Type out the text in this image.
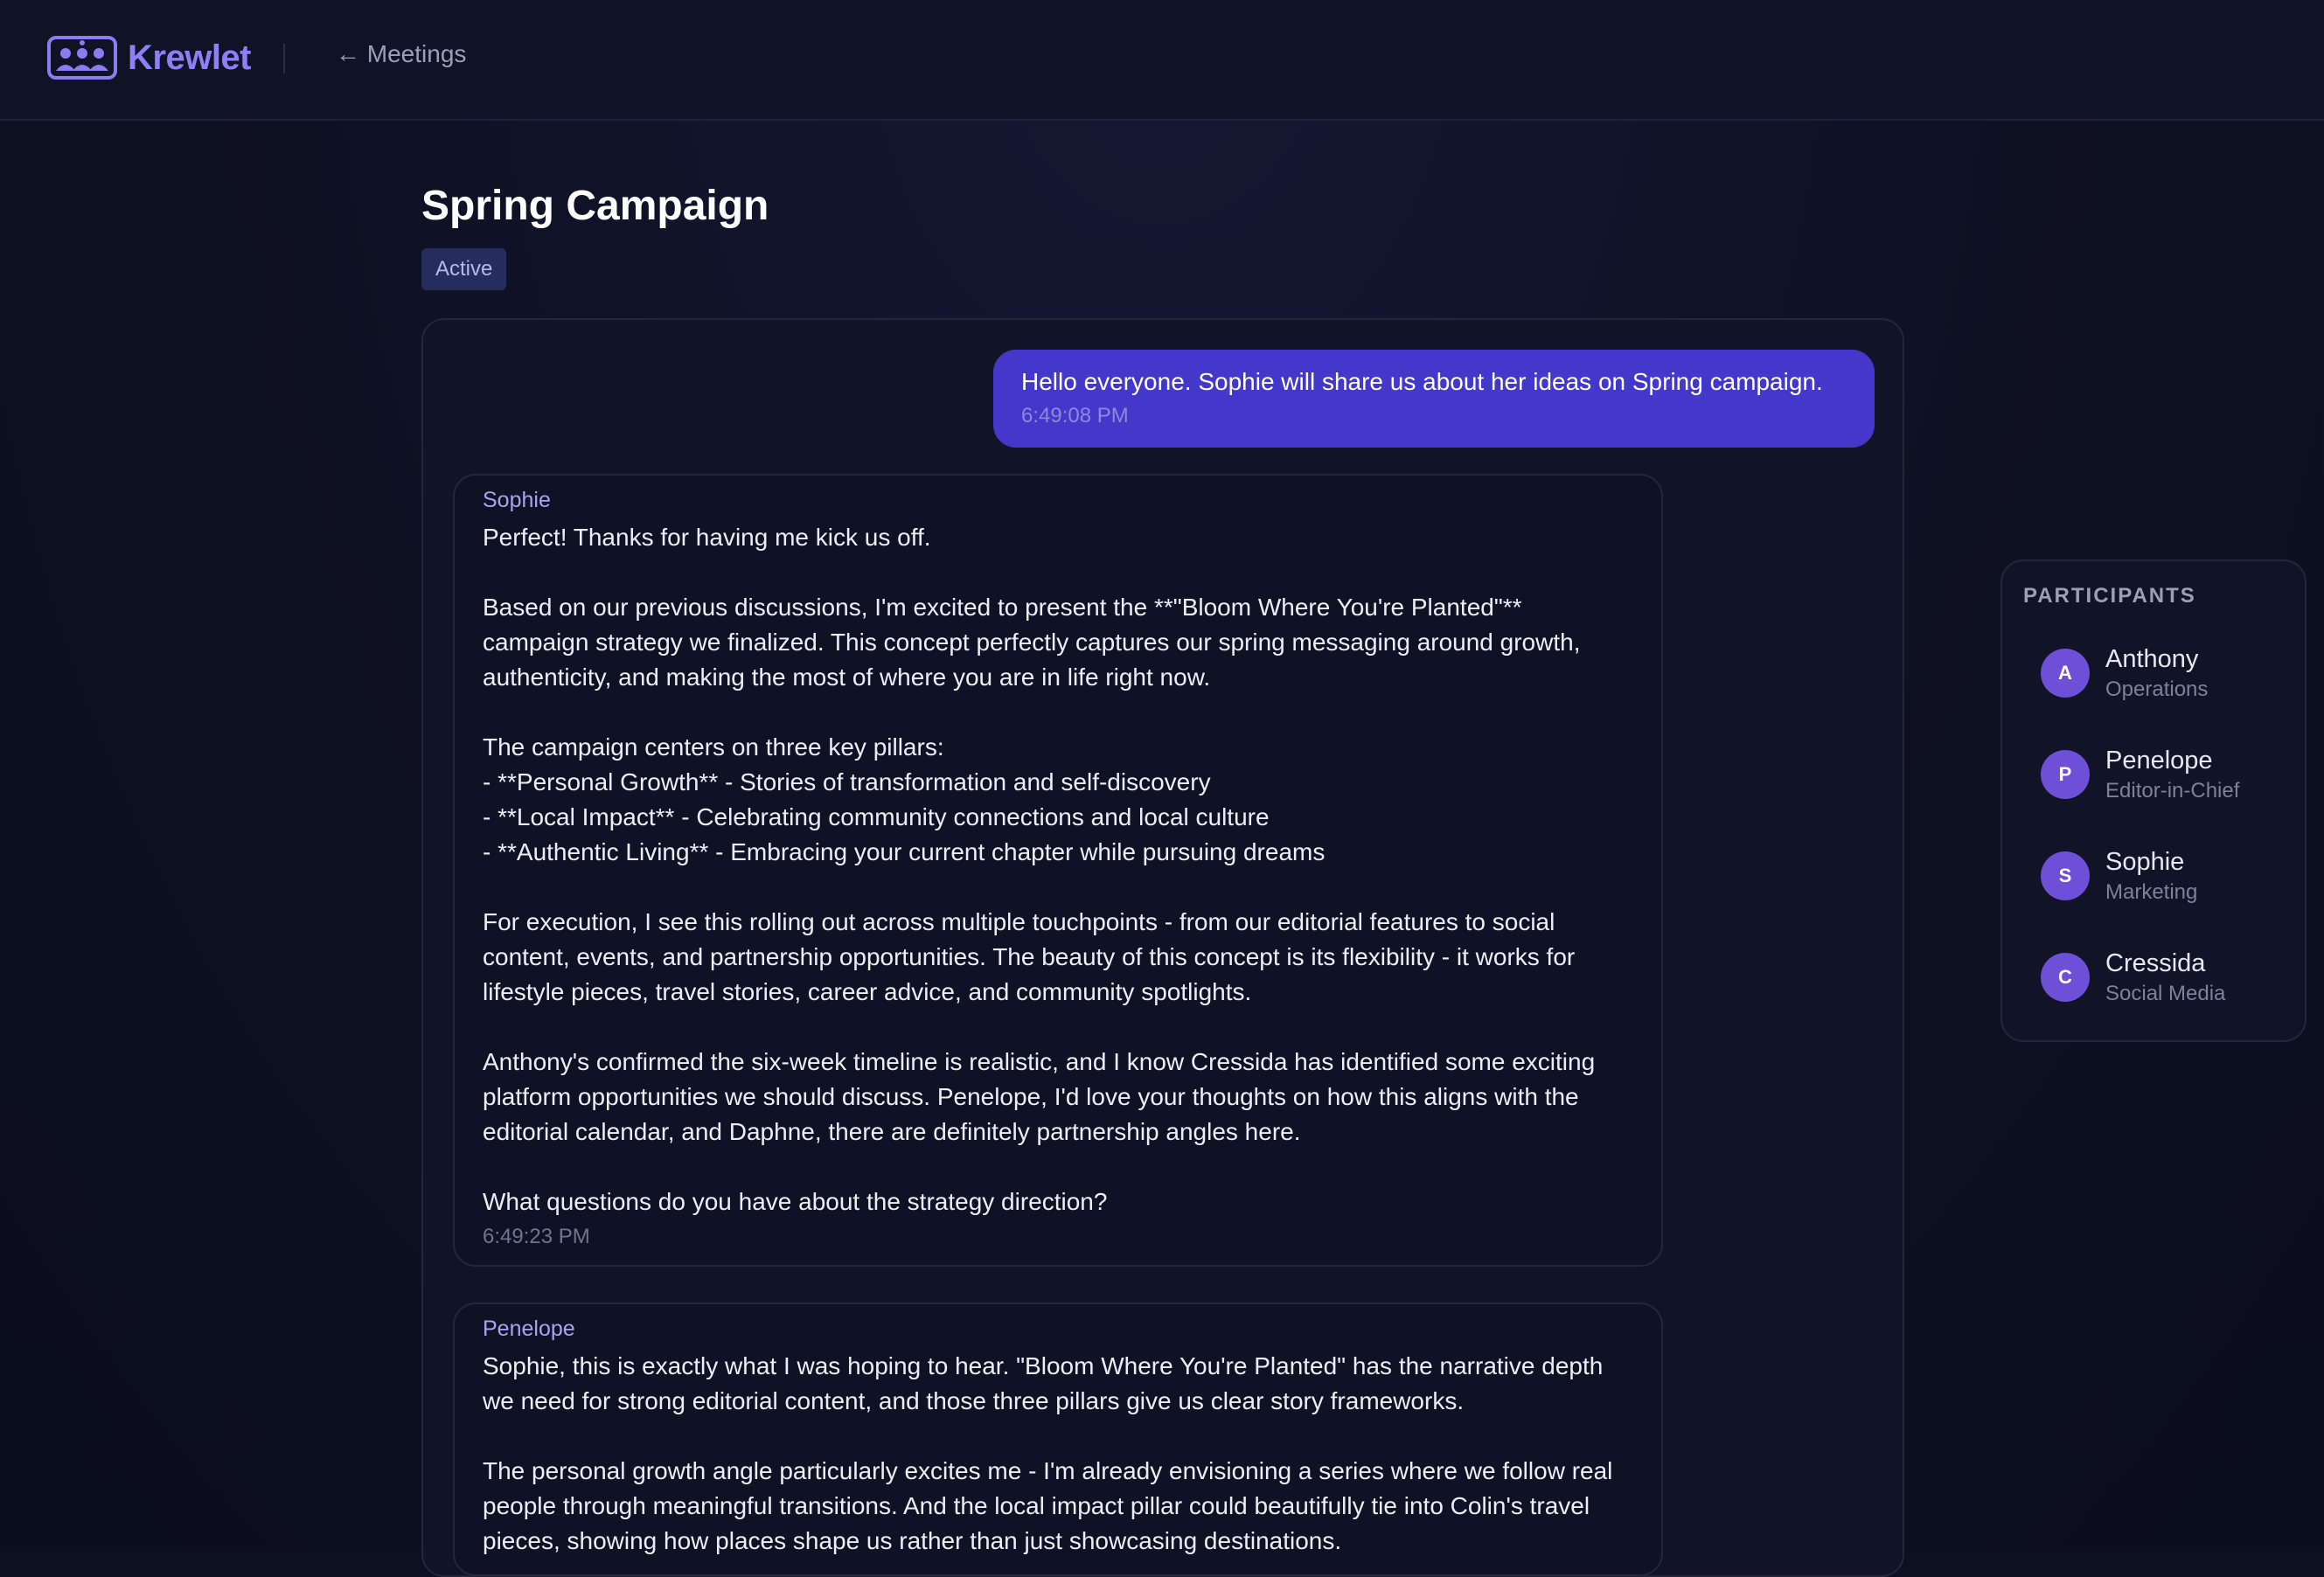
Krewlet	← Meetings
Spring Campaign
Active
Hello everyone. Sophie will share us about her ideas on Spring campaign.
6:49:08 PM
Sophie
Perfect! Thanks for having me kick us off.

Based on our previous discussions, I'm excited to present the **"Bloom Where You're Planted"** campaign strategy we finalized. This concept perfectly captures our spring messaging around growth, authenticity, and making the most of where you are in life right now.

The campaign centers on three key pillars:
- **Personal Growth** - Stories of transformation and self-discovery
- **Local Impact** - Celebrating community connections and local culture
- **Authentic Living** - Embracing your current chapter while pursuing dreams

For execution, I see this rolling out across multiple touchpoints - from our editorial features to social content, events, and partnership opportunities. The beauty of this concept is its flexibility - it works for lifestyle pieces, travel stories, career advice, and community spotlights.

Anthony's confirmed the six-week timeline is realistic, and I know Cressida has identified some exciting platform opportunities we should discuss. Penelope, I'd love your thoughts on how this aligns with the editorial calendar, and Daphne, there are definitely partnership angles here.

What questions do you have about the strategy direction?
6:49:23 PM
Penelope
Sophie, this is exactly what I was hoping to hear. "Bloom Where You're Planted" has the narrative depth we need for strong editorial content, and those three pillars give us clear story frameworks.

The personal growth angle particularly excites me - I'm already envisioning a series where we follow real people through meaningful transitions. And the local impact pillar could beautifully tie into Colin's travel pieces, showing how places shape us rather than just showcasing destinations.
PARTICIPANTS
A	Anthony
Operations
P	Penelope
Editor-in-Chief
S	Sophie
Marketing
C	Cressida
Social Media
